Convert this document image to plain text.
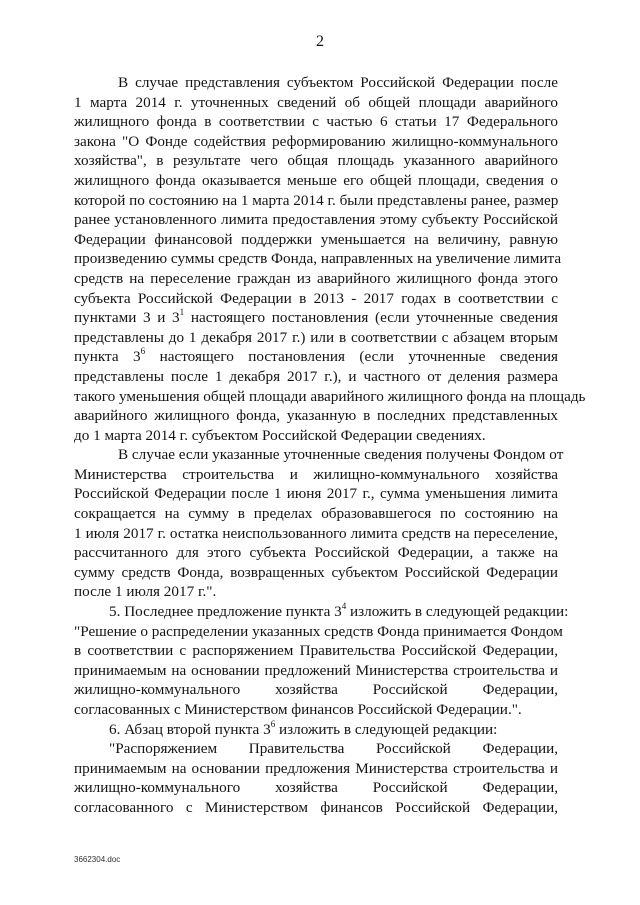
2
В случае представления субъектом Российской Федерации после
1 марта 2014 г. уточненных сведений об общей площади аварийного
жилищного фонда в соответствии с частью 6 статьи 17 Федерального
закона "О Фонде содействия реформированию жилищно-коммунального
хозяйства", в результате чего общая площадь указанного аварийного
жилищного фонда оказывается меньше его общей площади, сведения о
которой по состоянию на 1 марта 2014 г. были представлены ранее, размер
ранее установленного лимита предоставления этому субъекту Российской
Федерации финансовой поддержки уменьшается на величину, равную
произведению суммы средств Фонда, направленных на увеличение лимита
средств на переселение граждан из аварийного жилищного фонда этого
субъекта Российской Федерации в 2013 - 2017 годах в соответствии с
пунктами 3 и $3^1$ настоящего постановления (если уточненные сведения
представлены до 1 декабря 2017 г.) или в соответствии с абзацем вторым
пункта $3^6$ настоящего постановления (если уточненные сведения
представлены после 1 декабря 2017 г.), и частного от деления размера
такого уменьшения общей площади аварийного жилищного фонда на площадь
аварийного жилищного фонда, указанную в последних представленных
до 1 марта 2014 г. субъектом Российской Федерации сведениях.
В случае если указанные уточненные сведения получены Фондом от
Министерства строительства и жилищно-коммунального хозяйства
Российской Федерации после 1 июня 2017 г., сумма уменьшения лимита
сокращается на сумму в пределах образовавшегося по состоянию на
1 июля 2017 г. остатка неиспользованного лимита средств на переселение,
рассчитанного для этого субъекта Российской Федерации, а также на
сумму средств Фонда, возвращенных субъектом Российской Федерации
после 1 июля 2017 г.".
5. Последнее предложение пункта $3^4$ изложить в следующей редакции:
"Решение о распределении указанных средств Фонда принимается Фондом
в соответствии с распоряжением Правительства Российской Федерации,
принимаемым на основании предложений Министерства строительства и
жилищно-коммунального хозяйства Российской Федерации,
согласованных с Министерством финансов Российской Федерации.".
6. Абзац второй пункта $3^6$ изложить в следующей редакции:
"Распоряжением Правительства Российской Федерации,
принимаемым на основании предложения Министерства строительства и
жилищно-коммунального хозяйства Российской Федерации,
согласованного с Министерством финансов Российской Федерации,
3662304.doc
